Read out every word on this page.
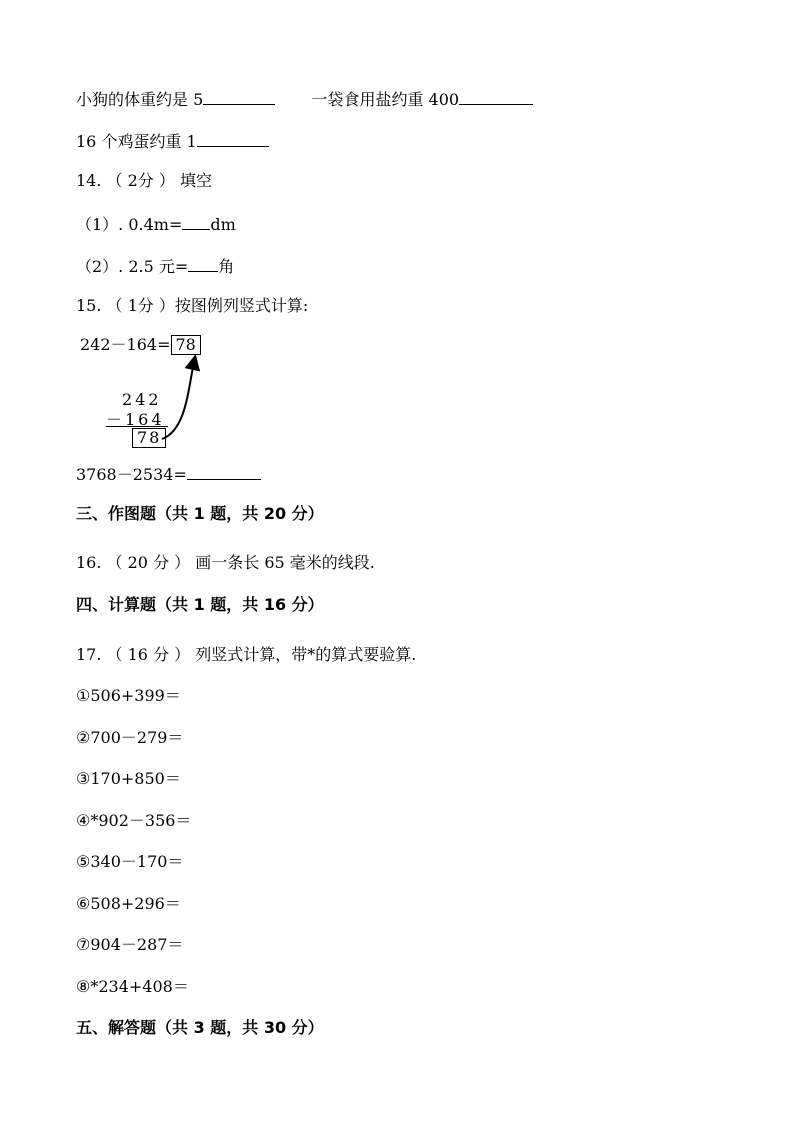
小狗的体重约是 5	一袋食用盐约重 400
16 个鸡蛋约重 1
14. （ 2分 ） 填空
（1）. 0.4m= dm
（2）. 2.5 元= 角
15. （ 1分 ）按图例列竖式计算:
242－164= 78
242
－164
78
3768－2534=
三、作图题（共 1 题，共 20 分）
16. （ 20 分 ） 画一条长 65 毫米的线段.
四、计算题（共 1 题，共 16 分）
17. （ 16 分 ） 列竖式计算，带*的算式要验算.
①506+399＝
②700－279＝
③170+850＝
④*902－356＝
⑤340－170＝
⑥508+296＝
⑦904－287＝
⑧*234+408＝
五、解答题（共 3 题，共 30 分）
